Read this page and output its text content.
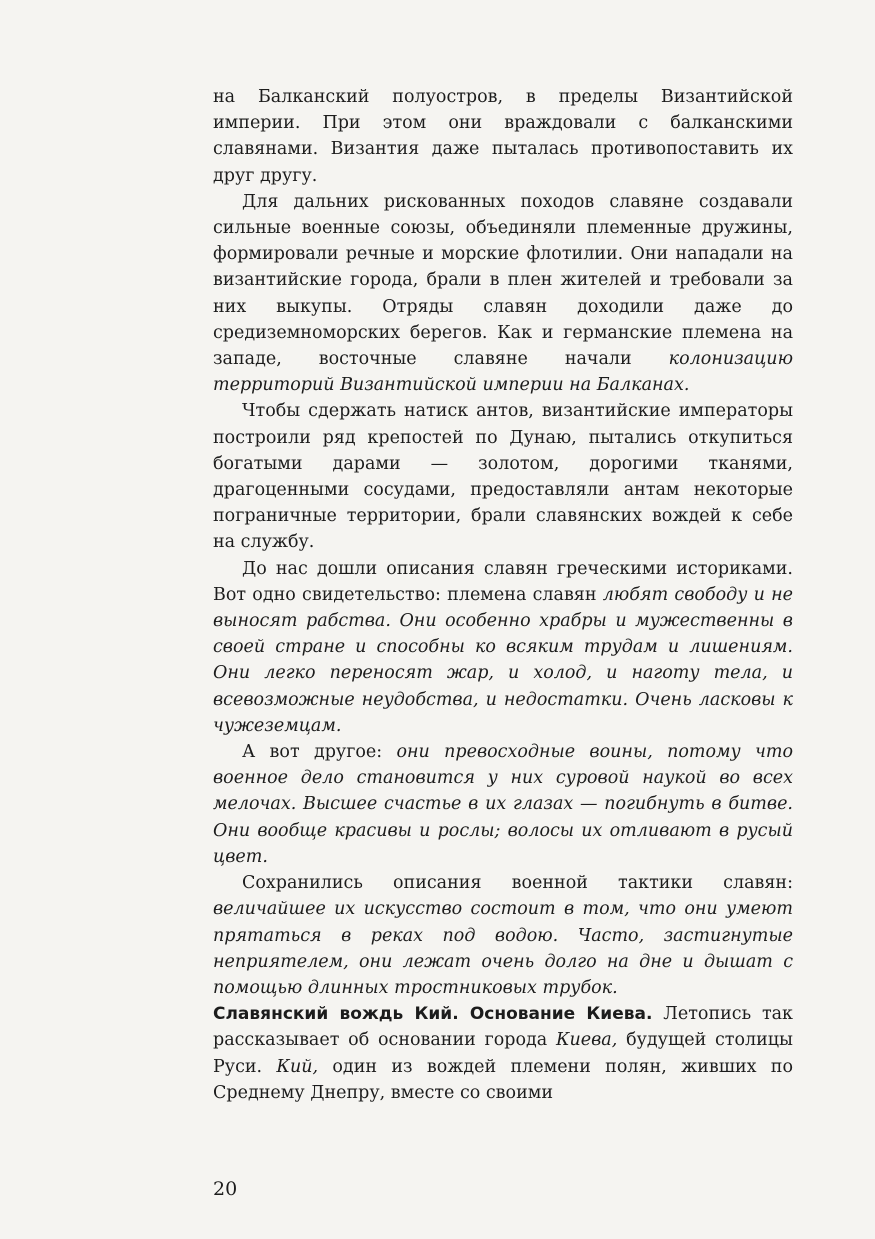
на Балканский полуостров, в пределы Византийской империи. При этом они враждовали с балканскими славянами. Византия даже пыталась противопоставить их друг другу.

Для дальних рискованных походов славяне создавали сильные военные союзы, объединяли племенные дружины, формировали речные и морские флотилии. Они нападали на византийские города, брали в плен жителей и требовали за них выкупы. Отряды славян доходили даже до средиземноморских берегов. Как и германские племена на западе, восточные славяне начали колонизацию территорий Византийской империи на Балканах.

Чтобы сдержать натиск антов, византийские императоры построили ряд крепостей по Дунаю, пытались откупиться богатыми дарами — золотом, дорогими тканями, драгоценными сосудами, предоставляли антам некоторые пограничные территории, брали славянских вождей к себе на службу.

До нас дошли описания славян греческими историками. Вот одно свидетельство: племена славян любят свободу и не выносят рабства. Они особенно храбры и мужественны в своей стране и способны ко всяким трудам и лишениям. Они легко переносят жар, и холод, и наготу тела, и всевозможные неудобства, и недостатки. Очень ласковы к чужеземцам.

А вот другое: они превосходные воины, потому что военное дело становится у них суровой наукой во всех мелочах. Высшее счастье в их глазах — погибнуть в битве. Они вообще красивы и рослы; волосы их отливают в русый цвет.

Сохранились описания военной тактики славян: величайшее их искусство состоит в том, что они умеют прятаться в реках под водою. Часто, застигнутые неприятелем, они лежат очень долго на дне и дышат с помощью длинных тростниковых трубок.

Славянский вождь Кий. Основание Киева. Летопись так рассказывает об основании города Киева, будущей столицы Руси. Кий, один из вождей племени полян, живших по Среднему Днепру, вместе со своими

20
